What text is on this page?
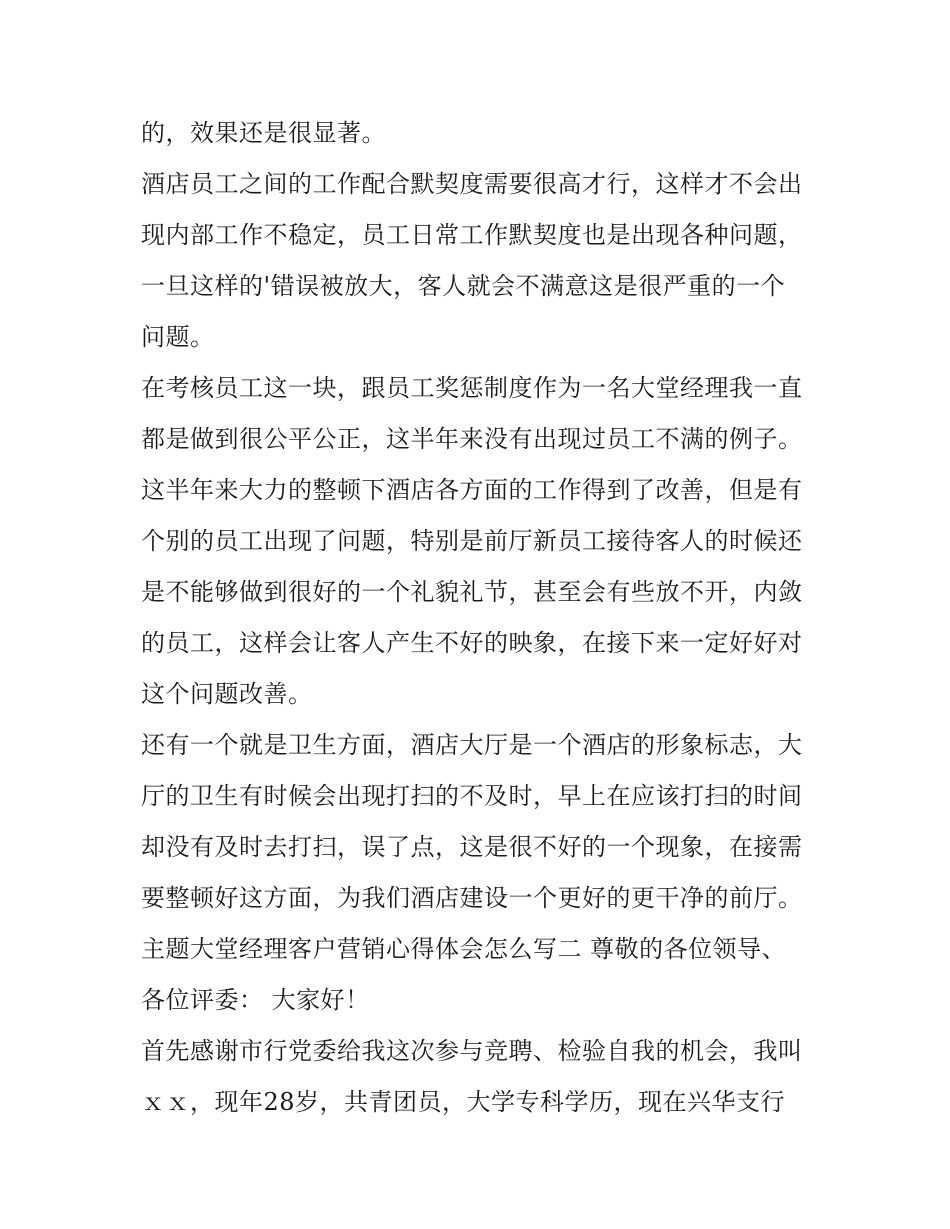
的，效果还是很显著。
酒店员工之间的工作配合默契度需要很高才行，这样才不会出
现内部工作不稳定，员工日常工作默契度也是出现各种问题，
一旦这样的'错误被放大，客人就会不满意这是很严重的一个
问题。
在考核员工这一块，跟员工奖惩制度作为一名大堂经理我一直
都是做到很公平公正，这半年来没有出现过员工不满的例子。
这半年来大力的整顿下酒店各方面的工作得到了改善，但是有
个别的员工出现了问题，特别是前厅新员工接待客人的时候还
是不能够做到很好的一个礼貌礼节，甚至会有些放不开，内敛
的员工，这样会让客人产生不好的映象，在接下来一定好好对
这个问题改善。
还有一个就是卫生方面，酒店大厅是一个酒店的形象标志，大
厅的卫生有时候会出现打扫的不及时，早上在应该打扫的时间
却没有及时去打扫，误了点，这是很不好的一个现象，在接需
要整顿好这方面，为我们酒店建设一个更好的更干净的前厅。
主题大堂经理客户营销心得体会怎么写二 尊敬的各位领导、
各位评委： 大家好！
首先感谢市行党委给我这次参与竞聘、检验自我的机会，我叫
ｘｘ，现年28岁，共青团员，大学专科学历，现在兴华支行
